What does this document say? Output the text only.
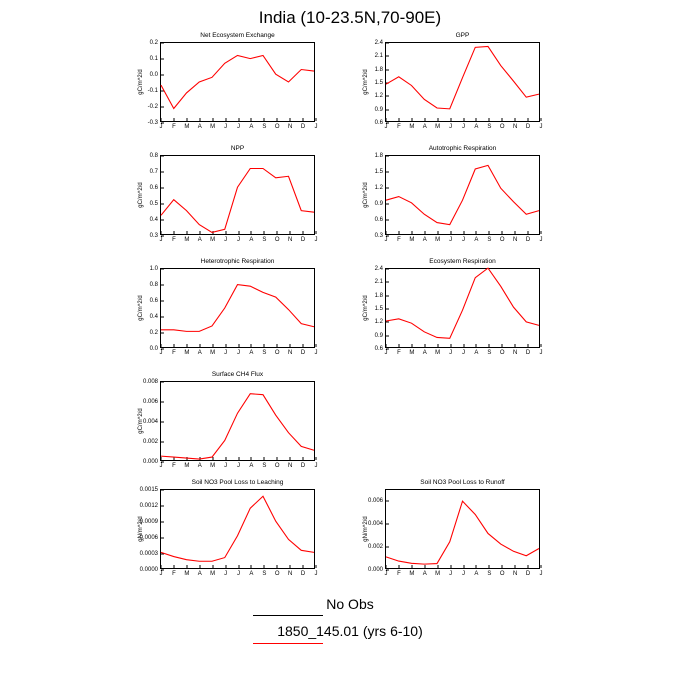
India (10-23.5N,70-90E)
Net Ecosystem Exchange
gC/m^2/d
-0.3
-0.2
-0.1
0.0
0.1
0.2
J F M A M J J A S O N D J
GPP
gC/m^2/d
0.6
0.9
1.2
1.5
1.8
2.1
2.4
J F M A M J J A S O N D J
NPP
gC/m^2/d
0.3
0.4
0.5
0.6
0.7
0.8
J F M A M J J A S O N D J
Autotrophic Respiration
gC/m^2/d
0.3
0.6
0.9
1.2
1.5
1.8
J F M A M J J A S O N D J
Heterotrophic Respiration
gC/m^2/d
0.0
0.2
0.4
0.6
0.8
1.0
J F M A M J J A S O N D J
Ecosystem Respiration
gC/m^2/d
0.6
0.9
1.2
1.5
1.8
2.1
2.4
J F M A M J J A S O N D J
Surface CH4 Flux
gC/m^2/d
0.000
0.002
0.004
0.006
0.008
J F M A M J J A S O N D J
Soil NO3 Pool Loss to Leaching
gN/m^2/d
0.0000
0.0003
0.0006
0.0009
0.0012
0.0015
J F M A M J J A S O N D J
Soil NO3 Pool Loss to Runoff
gN/m^2/d
0.000
0.002
0.004
0.006
J F M A M J J A S O N D J
No Obs
1850_145.01 (yrs 6-10)
